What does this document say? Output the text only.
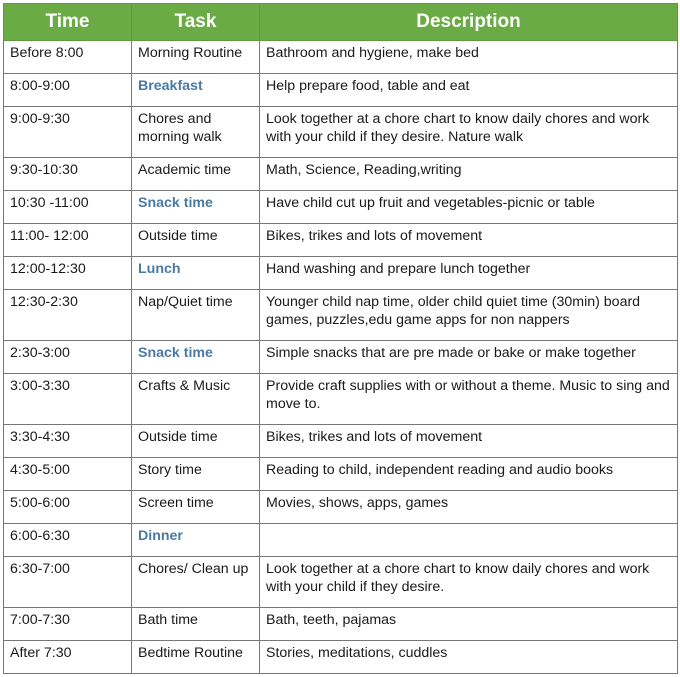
Time	Task	Description
Before 8:00	Morning Routine	Bathroom and hygiene, make bed
8:00-9:00	Breakfast	Help prepare food, table and eat
9:00-9:30	Chores and morning walk	Look together at a chore chart to know daily chores and work with your child if they desire. Nature walk
9:30-10:30	Academic time	Math, Science, Reading,writing
10:30 -11:00	Snack time	Have child cut up fruit and vegetables-picnic or table
11:00- 12:00	Outside time	Bikes, trikes and lots of movement
12:00-12:30	Lunch	Hand washing and prepare lunch together
12:30-2:30	Nap/Quiet time	Younger child nap time, older child quiet time (30min) board games, puzzles,edu game apps for non nappers
2:30-3:00	Snack time	Simple snacks that are pre made or bake or make together
3:00-3:30	Crafts & Music	Provide craft supplies with or without a theme. Music to sing and move to.
3:30-4:30	Outside time	Bikes, trikes and lots of movement
4:30-5:00	Story time	Reading to child, independent reading and audio books
5:00-6:00	Screen time	Movies, shows, apps, games
6:00-6:30	Dinner	
6:30-7:00	Chores/ Clean up	Look together at a chore chart to know daily chores and work with your child if they desire.
7:00-7:30	Bath time	Bath, teeth, pajamas
After 7:30	Bedtime Routine	Stories, meditations, cuddles
